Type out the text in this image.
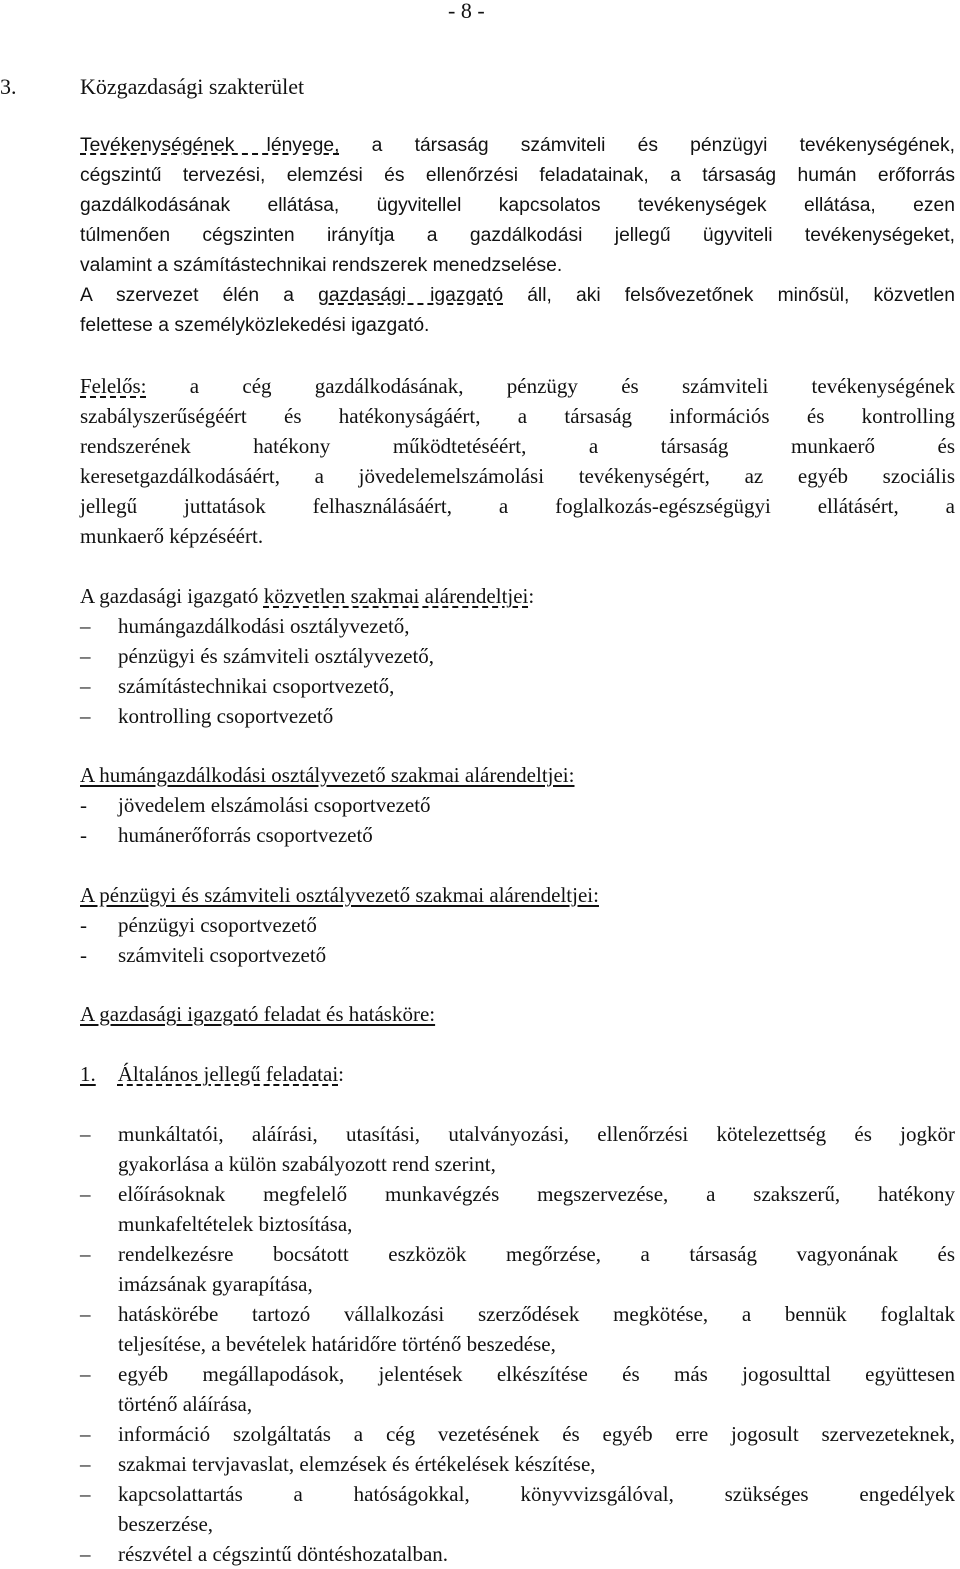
- 8 -
3.	Közgazdasági szakterület
Tevékenységének lényege, a társaság számviteli és pénzügyi tevékenységének,
cégszintű tervezési, elemzési és ellenőrzési feladatainak, a társaság humán erőforrás
gazdálkodásának ellátása, ügyvitellel kapcsolatos tevékenységek ellátása, ezen
túlmenően cégszinten irányítja a gazdálkodási jellegű ügyviteli tevékenységeket,
valamint a számítástechnikai rendszerek menedzselése.
A szervezet élén a gazdasági igazgató áll, aki felsővezetőnek minősül, közvetlen
felettese a személyközlekedési igazgató.
Felelős: a cég gazdálkodásának, pénzügy és számviteli tevékenységének
szabályszerűségéért és hatékonyságáért, a társaság információs és kontrolling
rendszerének hatékony működtetéséért, a társaság munkaerő és
keresetgazdálkodásáért, a jövedelemelszámolási tevékenységért, az egyéb szociális
jellegű juttatások felhasználásáért, a foglalkozás-egészségügyi ellátásért, a
munkaerő képzéséért.
A gazdasági igazgató közvetlen szakmai alárendeltjei:
– humángazdálkodási osztályvezető,
– pénzügyi és számviteli osztályvezető,
– számítástechnikai csoportvezető,
– kontrolling csoportvezető
A humángazdálkodási osztályvezető szakmai alárendeltjei:
- jövedelem elszámolási csoportvezető
- humánerőforrás csoportvezető
A pénzügyi és számviteli osztályvezető szakmai alárendeltjei:
- pénzügyi csoportvezető
- számviteli csoportvezető
A gazdasági igazgató feladat és hatásköre:
1. Általános jellegű feladatai:
– munkáltatói, aláírási, utasítási, utalványozási, ellenőrzési kötelezettség és jogkör
gyakorlása a külön szabályozott rend szerint,
– előírásoknak megfelelő munkavégzés megszervezése, a szakszerű, hatékony
munkafeltételek biztosítása,
– rendelkezésre bocsátott eszközök megőrzése, a társaság vagyonának és
imázsának gyarapítása,
– hatáskörébe tartozó vállalkozási szerződések megkötése, a bennük foglaltak
teljesítése, a bevételek határidőre történő beszedése,
– egyéb megállapodások, jelentések elkészítése és más jogosulttal együttesen
történő aláírása,
– információ szolgáltatás a cég vezetésének és egyéb erre jogosult szervezeteknek,
– szakmai tervjavaslat, elemzések és értékelések készítése,
– kapcsolattartás a hatóságokkal, könyvvizsgálóval, szükséges engedélyek
beszerzése,
– részvétel a cégszintű döntéshozatalban.
